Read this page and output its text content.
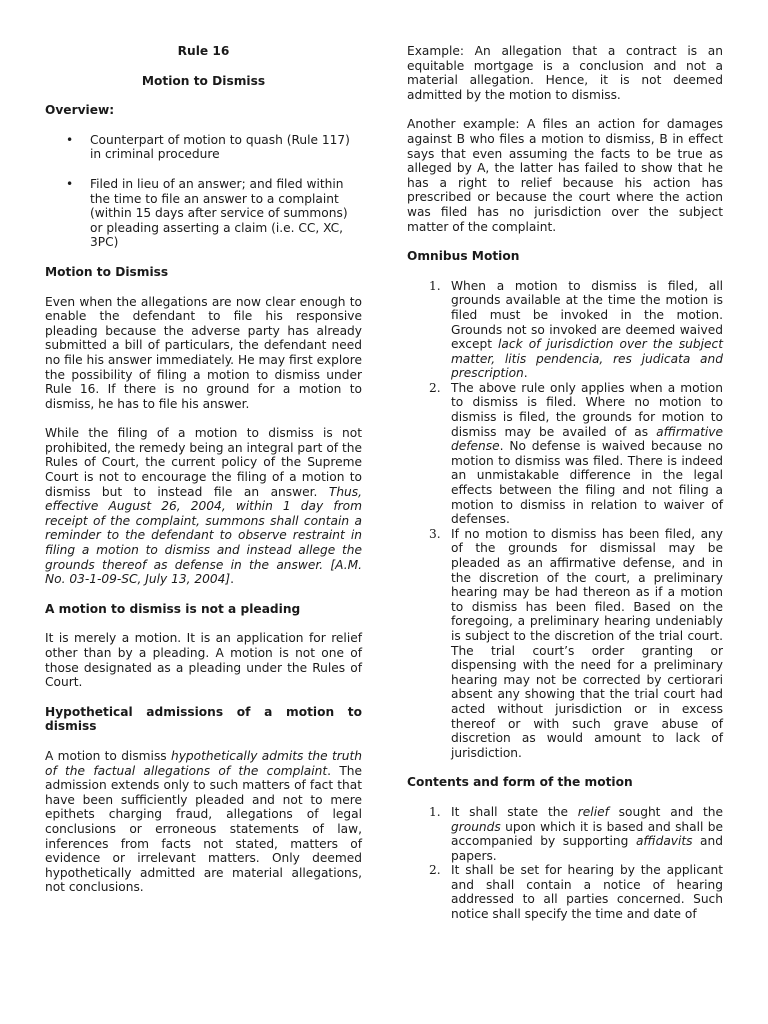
Rule 16

Motion to Dismiss

Overview:
• Counterpart of motion to quash (Rule 117) in criminal procedure
• Filed in lieu of an answer; and filed within the time to file an answer to a complaint (within 15 days after service of summons) or pleading asserting a claim (i.e. CC, XC, 3PC)
Motion to Dismiss

Even when the allegations are now clear enough to enable the defendant to file his responsive pleading because the adverse party has already submitted a bill of particulars, the defendant need no file his answer immediately. He may first explore the possibility of filing a motion to dismiss under Rule 16. If there is no ground for a motion to dismiss, he has to file his answer.

While the filing of a motion to dismiss is not prohibited, the remedy being an integral part of the Rules of Court, the current policy of the Supreme Court is not to encourage the filing of a motion to dismiss but to instead file an answer. Thus, effective August 26, 2004, within 1 day from receipt of the complaint, summons shall contain a reminder to the defendant to observe restraint in filing a motion to dismiss and instead allege the grounds thereof as defense in the answer. [A.M. No. 03-1-09-SC, July 13, 2004].

A motion to dismiss is not a pleading

It is merely a motion. It is an application for relief other than by a pleading. A motion is not one of those designated as a pleading under the Rules of Court.

Hypothetical admissions of a motion to dismiss

A motion to dismiss hypothetically admits the truth of the factual allegations of the complaint. The admission extends only to such matters of fact that have been sufficiently pleaded and not to mere epithets charging fraud, allegations of legal conclusions or erroneous statements of law, inferences from facts not stated, matters of evidence or irrelevant matters. Only deemed hypothetically admitted are material allegations, not conclusions.

Example: An allegation that a contract is an equitable mortgage is a conclusion and not a material allegation. Hence, it is not deemed admitted by the motion to dismiss.

Another example: A files an action for damages against B who files a motion to dismiss, B in effect says that even assuming the facts to be true as alleged by A, the latter has failed to show that he has a right to relief because his action has prescribed or because the court where the action was filed has no jurisdiction over the subject matter of the complaint.

Omnibus Motion
1. When a motion to dismiss is filed, all grounds available at the time the motion is filed must be invoked in the motion. Grounds not so invoked are deemed waived except lack of jurisdiction over the subject matter, litis pendencia, res judicata and prescription.
2. The above rule only applies when a motion to dismiss is filed. Where no motion to dismiss is filed, the grounds for motion to dismiss may be availed of as affirmative defense. No defense is waived because no motion to dismiss was filed. There is indeed an unmistakable difference in the legal effects between the filing and not filing a motion to dismiss in relation to waiver of defenses.
3. If no motion to dismiss has been filed, any of the grounds for dismissal may be pleaded as an affirmative defense, and in the discretion of the court, a preliminary hearing may be had thereon as if a motion to dismiss has been filed. Based on the foregoing, a preliminary hearing undeniably is subject to the discretion of the trial court. The trial court’s order granting or dispensing with the need for a preliminary hearing may not be corrected by certiorari absent any showing that the trial court had acted without jurisdiction or in excess thereof or with such grave abuse of discretion as would amount to lack of jurisdiction.
Contents and form of the motion
1. It shall state the relief sought and the grounds upon which it is based and shall be accompanied by supporting affidavits and papers.
2. It shall be set for hearing by the applicant and shall contain a notice of hearing addressed to all parties concerned. Such notice shall specify the time and date of
